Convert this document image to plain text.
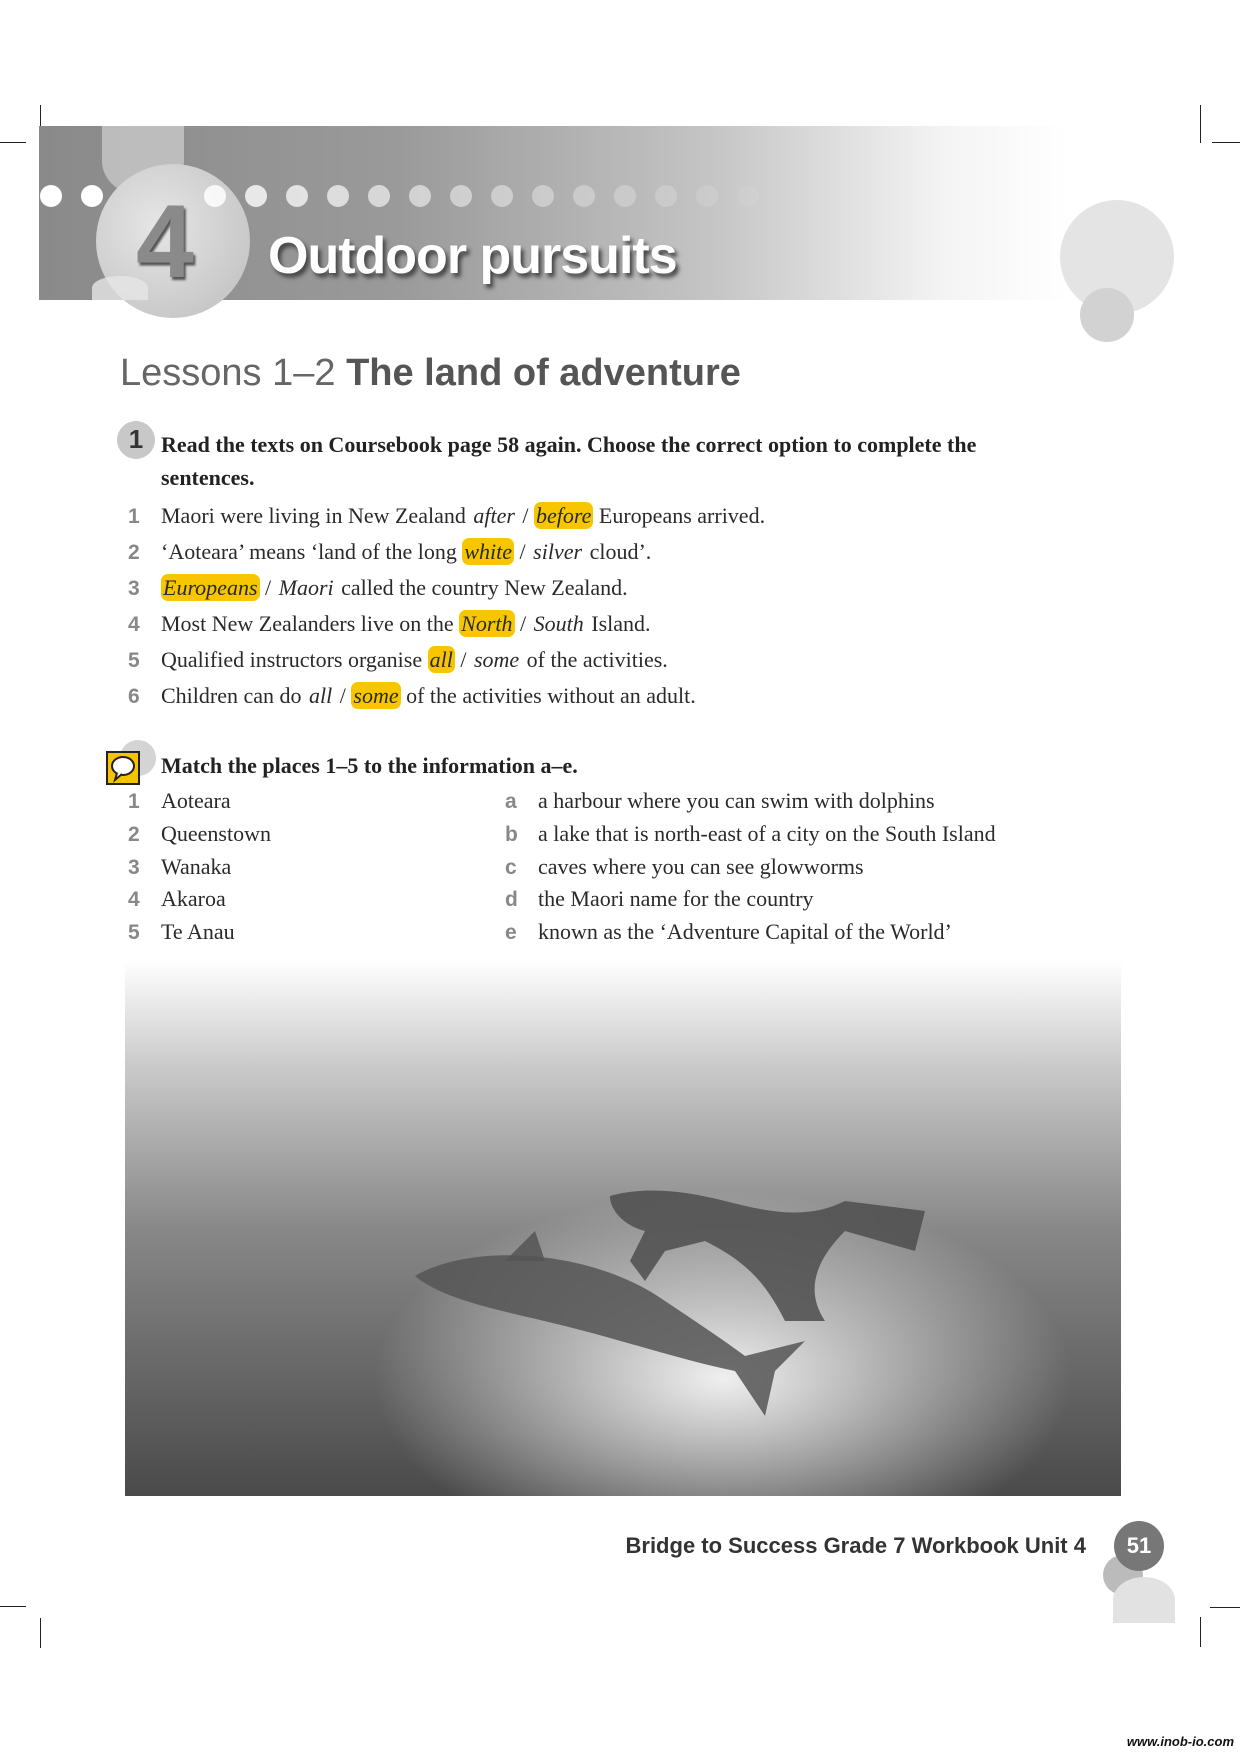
4 Outdoor pursuits
Lessons 1–2 The land of adventure
1 Read the texts on Coursebook page 58 again. Choose the correct option to complete the sentences.
1 Maori were living in New Zealand after / before Europeans arrived.
2 ‘Aoteara’ means ‘land of the long white / silver cloud’.
3 Europeans / Maori called the country New Zealand.
4 Most New Zealanders live on the North / South Island.
5 Qualified instructors organise all / some of the activities.
6 Children can do all / some of the activities without an adult.
Match the places 1–5 to the information a–e.
1 Aoteara
2 Queenstown
3 Wanaka
4 Akaroa
5 Te Anau
a a harbour where you can swim with dolphins
b a lake that is north-east of a city on the South Island
c caves where you can see glowworms
d the Maori name for the country
e known as the ‘Adventure Capital of the World’
Bridge to Success Grade 7 Workbook Unit 4	51
www.inob-io.com
